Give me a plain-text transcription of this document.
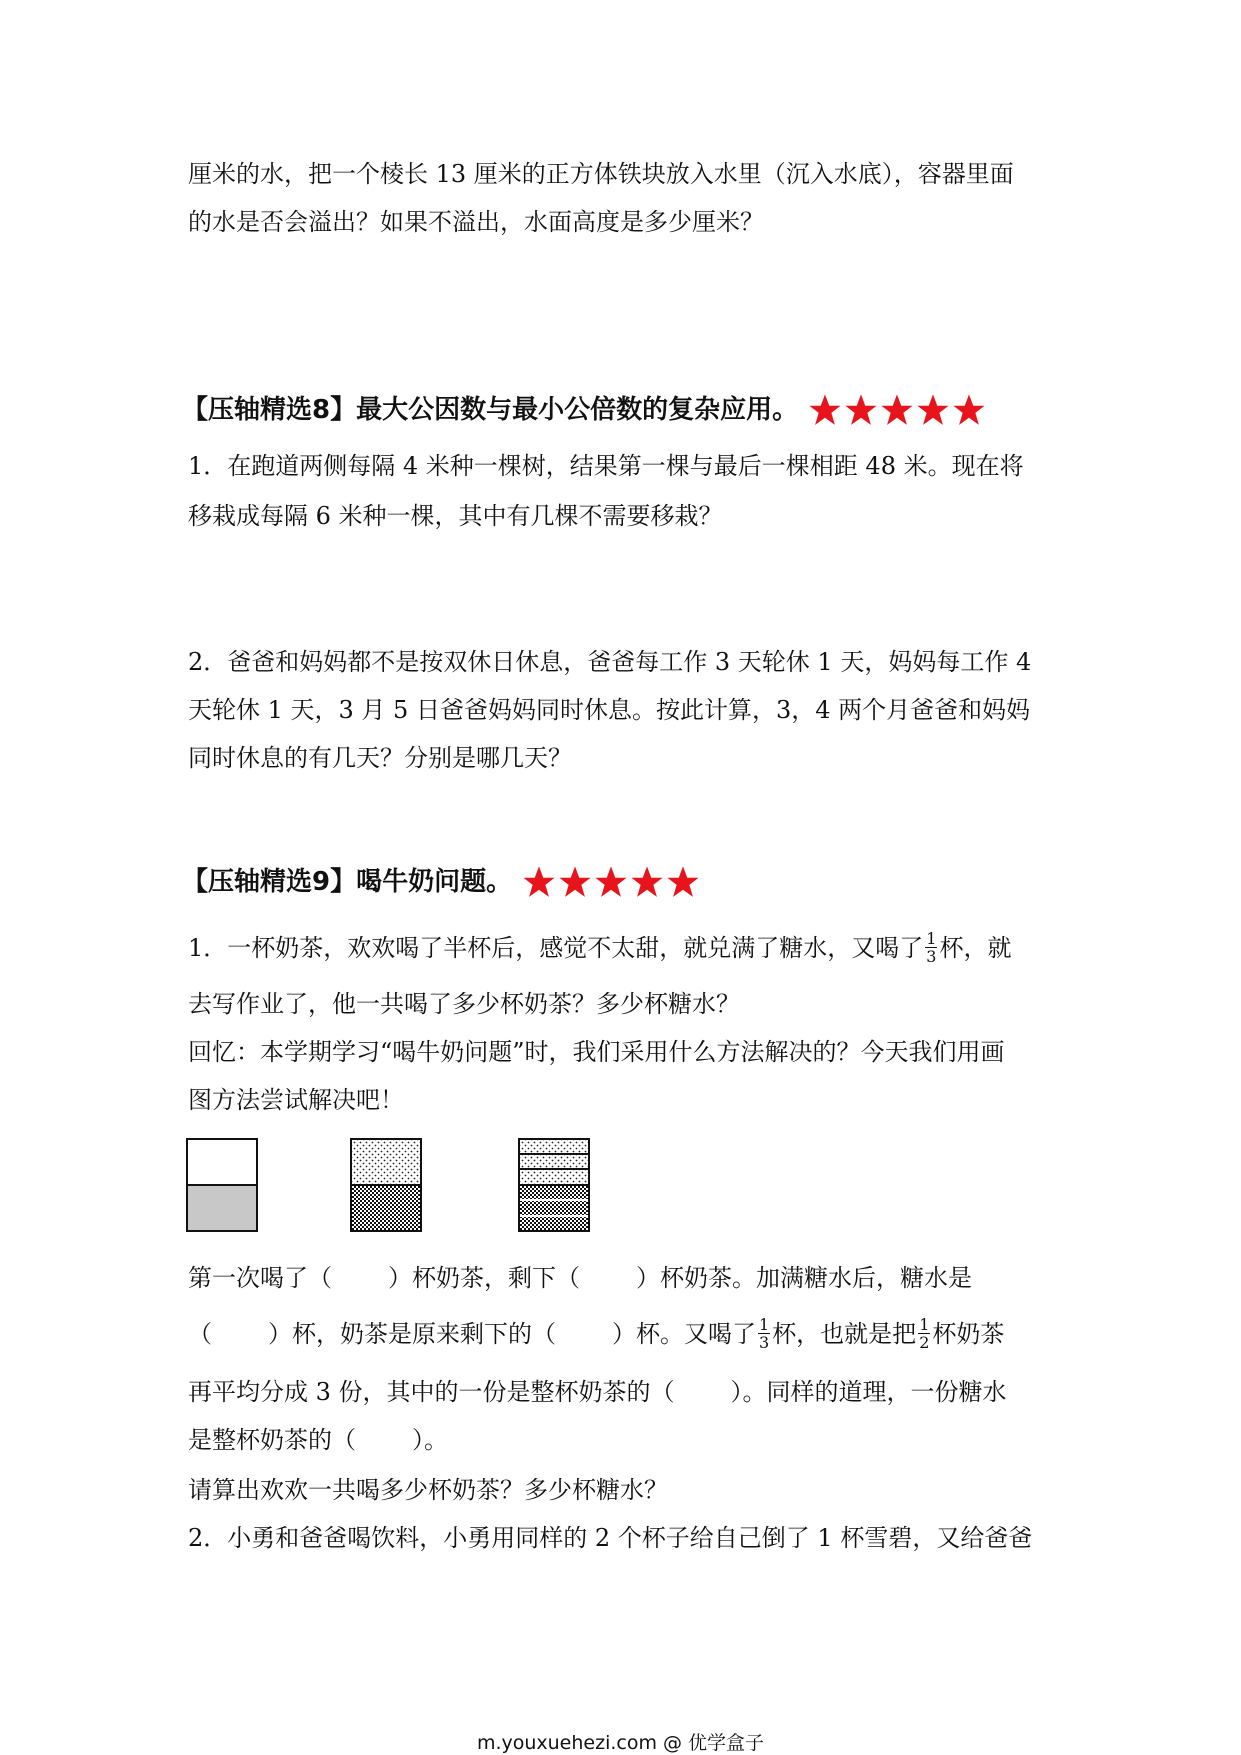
厘米的水，把一个棱长 13 厘米的正方体铁块放入水里（沉入水底），容器里面
的水是否会溢出？如果不溢出，水面高度是多少厘米？
【压轴精选8】最大公因数与最小公倍数的复杂应用。
1．在跑道两侧每隔 4 米种一棵树，结果第一棵与最后一棵相距 48 米。现在将
移栽成每隔 6 米种一棵，其中有几棵不需要移栽？
2．爸爸和妈妈都不是按双休日休息，爸爸每工作 3 天轮休 1 天，妈妈每工作 4
天轮休 1 天，3 月 5 日爸爸妈妈同时休息。按此计算，3，4 两个月爸爸和妈妈
同时休息的有几天？分别是哪几天？
【压轴精选9】喝牛奶问题。
1．一杯奶茶，欢欢喝了半杯后，感觉不太甜，就兑满了糖水，又喝了 $\frac{1}{3}$ 杯，就
去写作业了，他一共喝了多少杯奶茶？多少杯糖水？
回忆：本学期学习“喝牛奶问题”时，我们采用什么方法解决的？今天我们用画
图方法尝试解决吧！
第一次喝了（ ）杯奶茶，剩下（ ）杯奶茶。加满糖水后，糖水是
（ ）杯，奶茶是原来剩下的（ ）杯。又喝了 $\frac{1}{3}$ 杯，也就是把 $\frac{1}{2}$ 杯奶茶
再平均分成 3 份，其中的一份是整杯奶茶的（ ）。同样的道理，一份糖水
是整杯奶茶的（ ）。
请算出欢欢一共喝多少杯奶茶？多少杯糖水？
2．小勇和爸爸喝饮料，小勇用同样的 2 个杯子给自己倒了 1 杯雪碧，又给爸爸
m.youxuehezi.com @ 优学盒子
